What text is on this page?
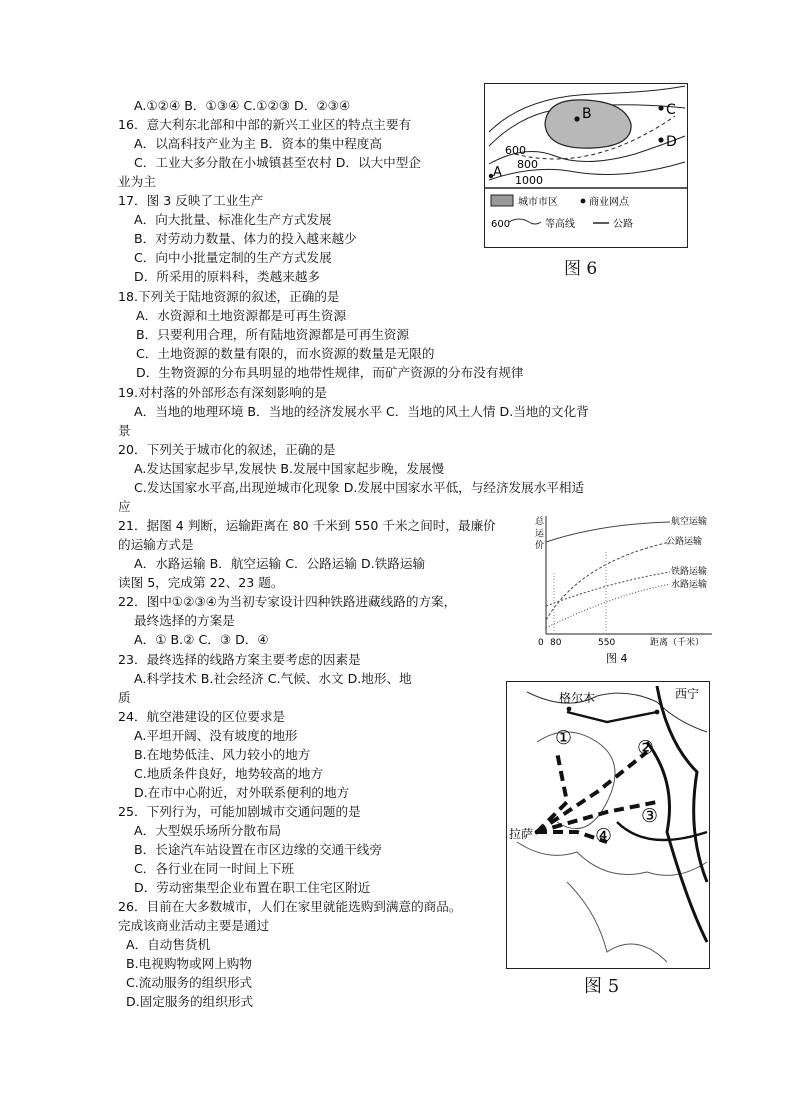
A.①②④ B．①③④ C.①②③ D．②③④
16．意大利东北部和中部的新兴工业区的特点主要有
A．以高科技产业为主 B．资本的集中程度高
C．工业大多分散在小城镇甚至农村 D．以大中型企
业为主
17．图 3 反映了工业生产
A．向大批量、标准化生产方式发展
B．对劳动力数量、体力的投入越来越少
C．向中小批量定制的生产方式发展
D．所采用的原料科，类越来越多
18.下列关于陆地资源的叙述，正确的是
A．水资源和土地资源都是可再生资源
B．只要利用合理，所有陆地资源都是可再生资源
C．土地资源的数量有限的，而水资源的数量是无限的
D．生物资源的分布具明显的地带性规律，而矿产资源的分布没有规律
19.对村落的外部形态有深刻影响的是
A．当地的地理环境 B．当地的经济发展水平 C．当地的风土人情 D.当地的文化背
景
20．下列关于城市化的叙述，正确的是
A.发达国家起步早,发展快 B.发展中国家起步晚，发展慢
C.发达国家水平高,出现逆城市化现象 D.发展中国家水平低，与经济发展水平相适
应
21．据图 4 判断，运输距离在 80 千米到 550 千米之间时，最廉价
的运输方式是
A．水路运输 B．航空运输 C．公路运输 D.铁路运输
读图 5，完成第 22、23 题。
22．图中①②③④为当初专家设计四种铁路进藏线路的方案，
最终选择的方案是
A．① B.② C．③ D．④
23．最终选择的线路方案主要考虑的因素是
A.科学技术 B.社会经济 C.气候、水文 D.地形、地
质
24．航空港建设的区位要求是
A.平坦开阔、没有坡度的地形
B.在地势低洼、风力较小的地方
C.地质条件良好，地势较高的地方
D.在市中心附近，对外联系便利的地方
25．下列行为，可能加剧城市交通问题的是
A．大型娱乐场所分散布局
B．长途汽车站设置在市区边缘的交通干线旁
C．各行业在同一时间上下班
D．劳动密集型企业布置在职工住宅区附近
26．目前在大多数城市，人们在家里就能选购到满意的商品。
完成该商业活动主要是通过
A．自动售货机
B.电视购物或网上购物
C.流动服务的组织形式
D.固定服务的组织形式
B	C
D
A
600
800
1000
城市市区	商业网点
600	等高线	公路
图 6
总
运
价
航空运输
公路运输
铁路运输
水路运输
0 80	550	距离（千米）
图 4
格尔木	西宁
拉萨
①	②
③
④
图 5
